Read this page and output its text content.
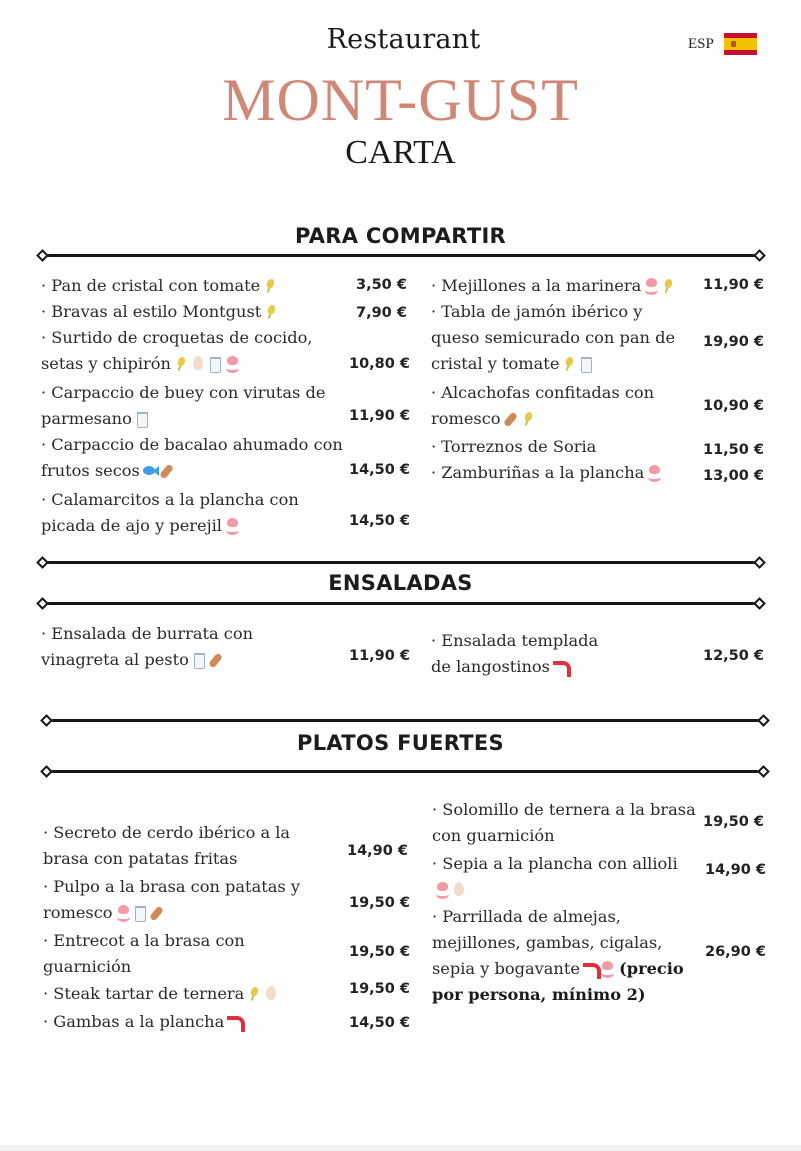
ESP
Restaurant
MONT-GUST
CARTA
PARA COMPARTIR
· Pan de cristal con tomate	3,50 €
· Bravas al estilo Montgust	7,90 €
· Surtido de croquetas de cocido,
setas y chipirón	10,80 €
· Carpaccio de buey con virutas de
parmesano	11,90 €
· Carpaccio de bacalao ahumado con
frutos secos	14,50 €
· Calamarcitos a la plancha con
picada de ajo y perejil	14,50 €
· Mejillones a la marinera	11,90 €
· Tabla de jamón ibérico y
queso semicurado con pan de
cristal y tomate
19,90 €
· Alcachofas confitadas con
romesco
10,90 €
· Torreznos de Soria	11,50 €
· Zamburiñas a la plancha	13,00 €
ENSALADAS
· Ensalada de burrata con
vinagreta al pesto	11,90 €
· Ensalada templada
de langostinos
12,50 €
PLATOS FUERTES
· Secreto de cerdo ibérico a la
brasa con patatas fritas	14,90 €
· Pulpo a la brasa con patatas y
romesco	19,50 €
· Entrecot a la brasa con
guarnición
19,50 €
· Steak tartar de ternera	19,50 €
· Gambas a la plancha	14,50 €
· Solomillo de ternera a la brasa
con guarnición
19,50 €
· Sepia a la plancha con allioli	14,90 €
· Parrillada de almejas,
mejillones, gambas, cigalas,
sepia y bogavante (precio
por persona, mínimo 2)
26,90 €
